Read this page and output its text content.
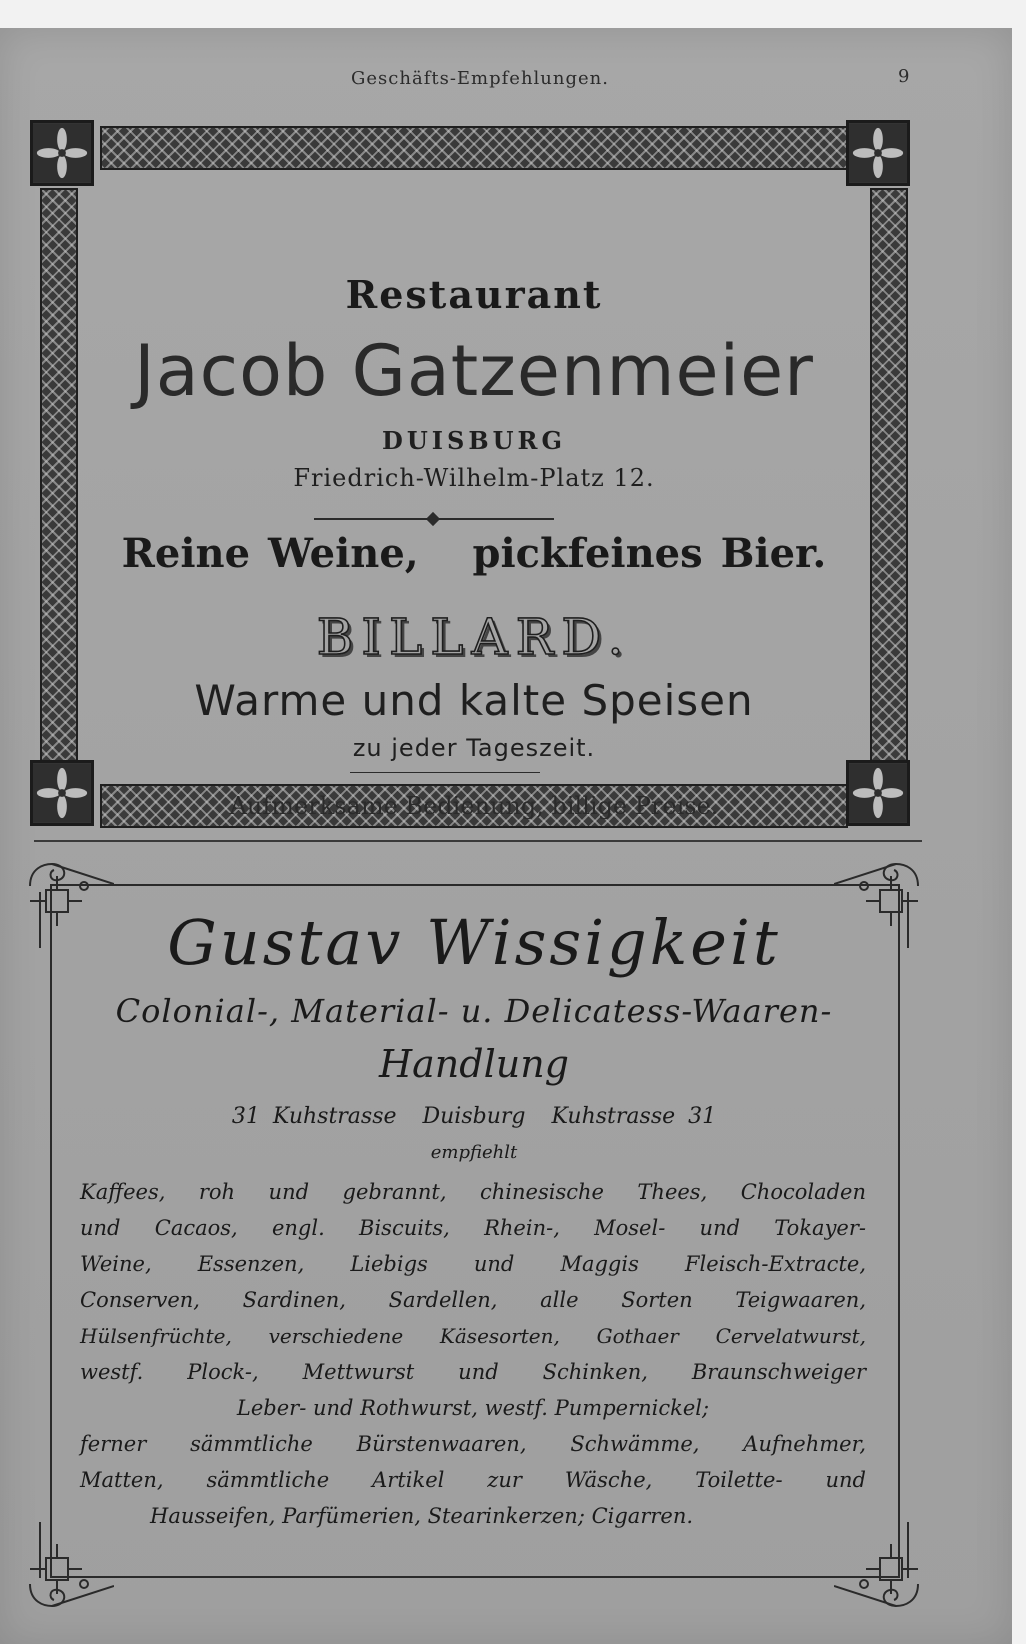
Geschäfts-Empfehlungen.	9
Restaurant
Jacob Gatzenmeier
DUISBURG
Friedrich-Wilhelm-Platz 12.
Reine Weine,   pickfeines Bier.
BILLARD.
Warme und kalte Speisen
zu jeder Tageszeit.
Aufmerksame Bedienung, billige Preise.
Gustav Wissigkeit
Colonial-, Material- u. Delicatess-Waaren-
Handlung
31 Kuhstrasse  Duisburg  Kuhstrasse 31
empfiehlt
Kaffees, roh und gebrannt, chinesische Thees, Chocoladen
und Cacaos, engl. Biscuits, Rhein-, Mosel- und Tokayer-
Weine, Essenzen, Liebigs und Maggis Fleisch-Extracte,
Conserven, Sardinen, Sardellen, alle Sorten Teigwaaren,
Hülsenfrüchte, verschiedene Käsesorten, Gothaer Cervelatwurst,
westf. Plock-, Mettwurst und Schinken, Braunschweiger
Leber- und Rothwurst, westf. Pumpernickel;
ferner sämmtliche Bürstenwaaren, Schwämme, Aufnehmer,
Matten, sämmtliche Artikel zur Wäsche, Toilette- und
Hausseifen, Parfümerien, Stearinkerzen; Cigarren.
